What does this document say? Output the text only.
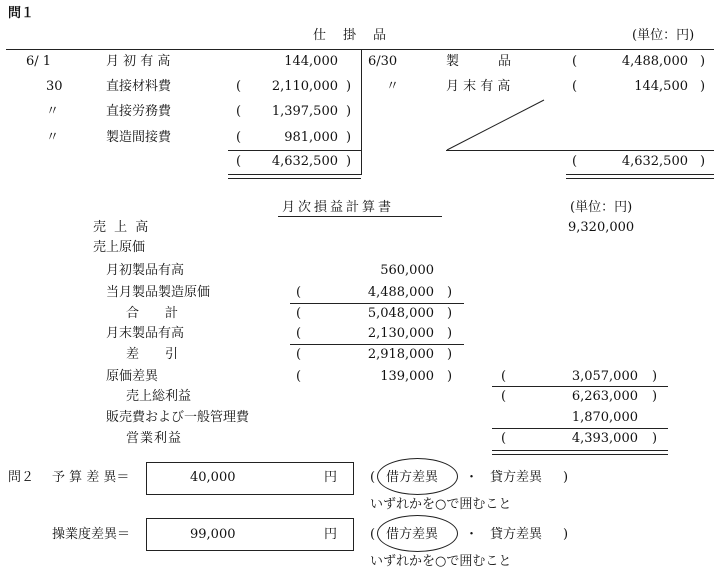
問１
仕　掛　品	(単位：円)
6/ 1	月 初 有 高	144,000
30	直接材料費	(	2,110,000 )
〃	直接労務費	(	1,397,500 )
〃	製造間接費	(	981,000 )
(	4,632,500 )
6/30	製　　　品	(	4,488,000 )
〃	月 末 有 高	(	144,500 )
(	4,632,500 )
月次損益計算書	(単位：円)
売 上 高	9,320,000
売上原価
月初製品有高	560,000
当月製品製造原価	(	4,488,000 )
合　　計	(	5,048,000 )
月末製品有高	(	2,130,000 )
差　　引	(	2,918,000 )
原価差異	(	139,000 )	(	3,057,000 )
売上総利益	(	6,263,000 )
販売費および一般管理費	1,870,000
営業利益	(	4,393,000 )
問２ 予 算 差 異＝	40,000	円	( 借方差異 ・ 貸方差異 )
いずれかを○で囲むこと
操業度差異＝	99,000	円	( 借方差異 ・ 貸方差異 )
いずれかを○で囲むこと
